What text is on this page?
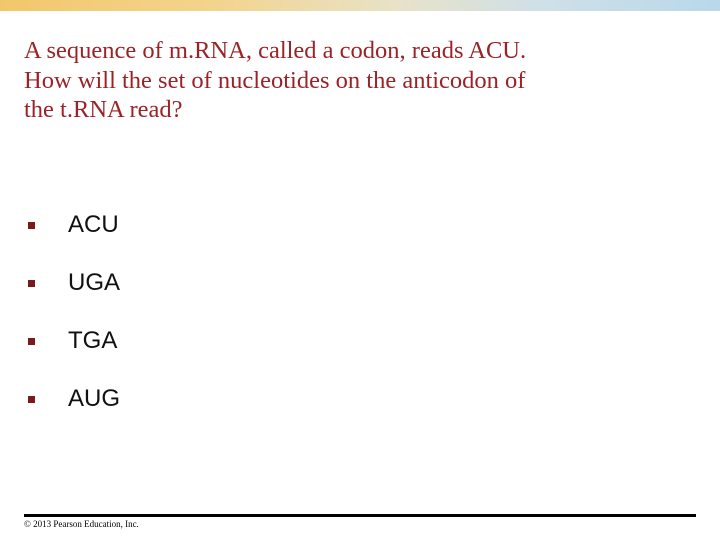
A sequence of m.RNA, called a codon, reads ACU.
How will the set of nucleotides on the anticodon of
the t.RNA read?
ACU
UGA
TGA
AUG
© 2013 Pearson Education, Inc.
